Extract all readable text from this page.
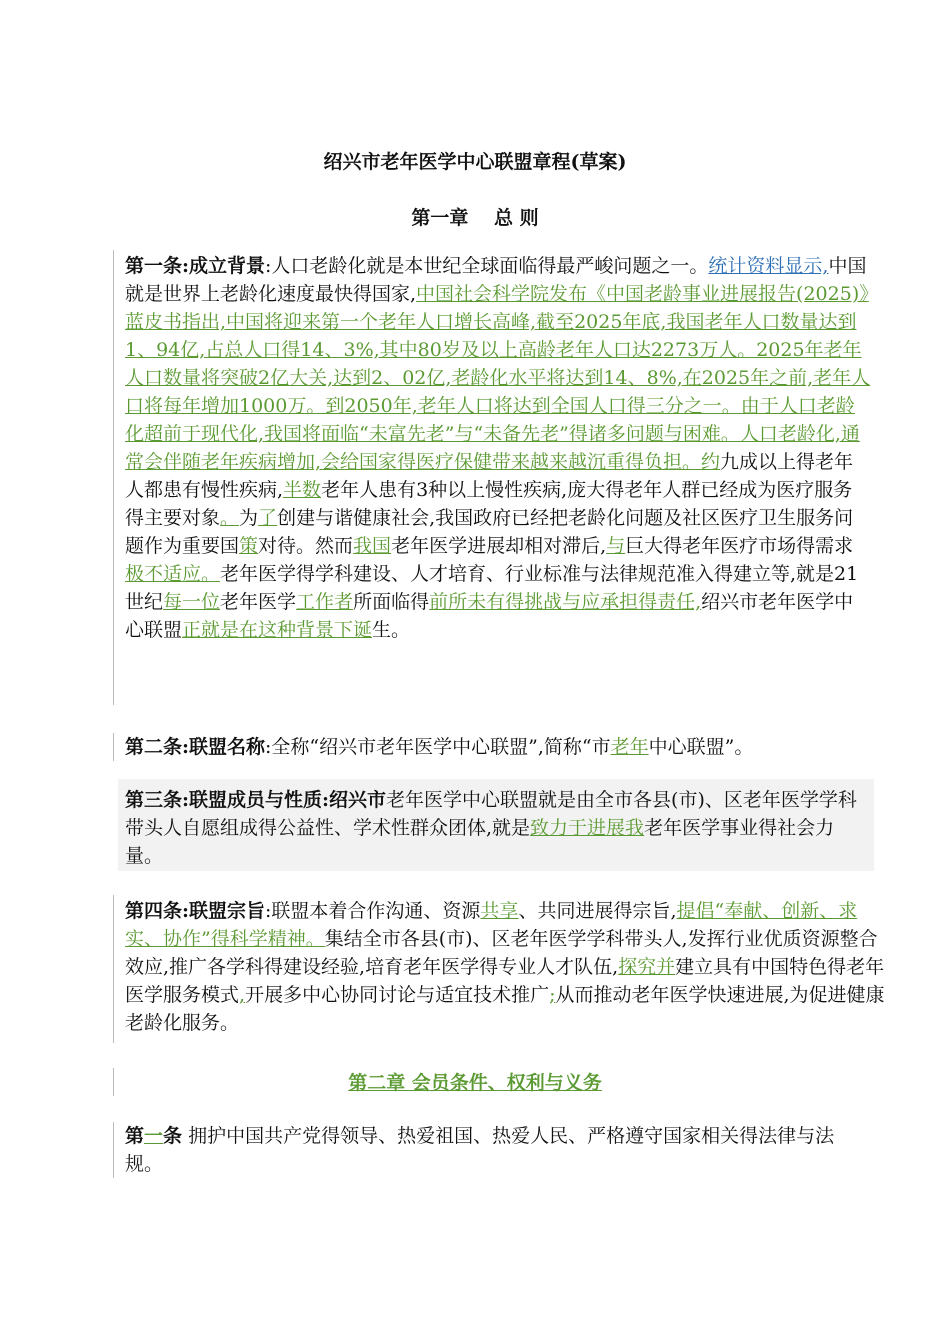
绍兴市老年医学中心联盟章程(草案)
第一章　 总 则
第一条:成立背景:人口老龄化就是本世纪全球面临得最严峻问题之一。统计资料显示,中国就是世界上老龄化速度最快得国家,中国社会科学院发布《中国老龄事业进展报告(2025)》蓝皮书指出,中国将迎来第一个老年人口增长高峰,截至2025年底,我国老年人口数量达到1、94亿,占总人口得14、3%,其中80岁及以上高龄老年人口达2273万人。2025年老年人口数量将突破2亿大关,达到2、02亿,老龄化水平将达到14、8%,在2025年之前,老年人口将每年增加1000万。到2050年,老年人口将达到全国人口得三分之一。由于人口老龄化超前于现代化,我国将面临“未富先老”与“未备先老”得诸多问题与困难。人口老龄化,通常会伴随老年疾病增加,会给国家得医疗保健带来越来越沉重得负担。约九成以上得老年人都患有慢性疾病,半数老年人患有3种以上慢性疾病,庞大得老年人群已经成为医疗服务得主要对象。为了创建与谐健康社会,我国政府已经把老龄化问题及社区医疗卫生服务问题作为重要国策对待。然而我国老年医学进展却相对滞后,与巨大得老年医疗市场得需求极不适应。老年医学得学科建设、人才培育、行业标准与法律规范准入得建立等,就是21世纪每一位老年医学工作者所面临得前所未有得挑战与应承担得责任,绍兴市老年医学中心联盟正就是在这种背景下诞生。
第二条:联盟名称:全称“绍兴市老年医学中心联盟”,简称“市老年中心联盟”。
第三条:联盟成员与性质:绍兴市老年医学中心联盟就是由全市各县(市)、区老年医学学科带头人自愿组成得公益性、学术性群众团体,就是致力于进展我老年医学事业得社会力量。
第四条:联盟宗旨:联盟本着合作沟通、资源共享、共同进展得宗旨,提倡“奉献、创新、求实、协作”得科学精神。集结全市各县(市)、区老年医学学科带头人,发挥行业优质资源整合效应,推广各学科得建设经验,培育老年医学得专业人才队伍,探究并建立具有中国特色得老年医学服务模式,开展多中心协同讨论与适宜技术推广;从而推动老年医学快速进展,为促进健康老龄化服务。
第二章 会员条件、权利与义务
第一条 拥护中国共产党得领导、热爱祖国、热爱人民、严格遵守国家相关得法律与法规。
